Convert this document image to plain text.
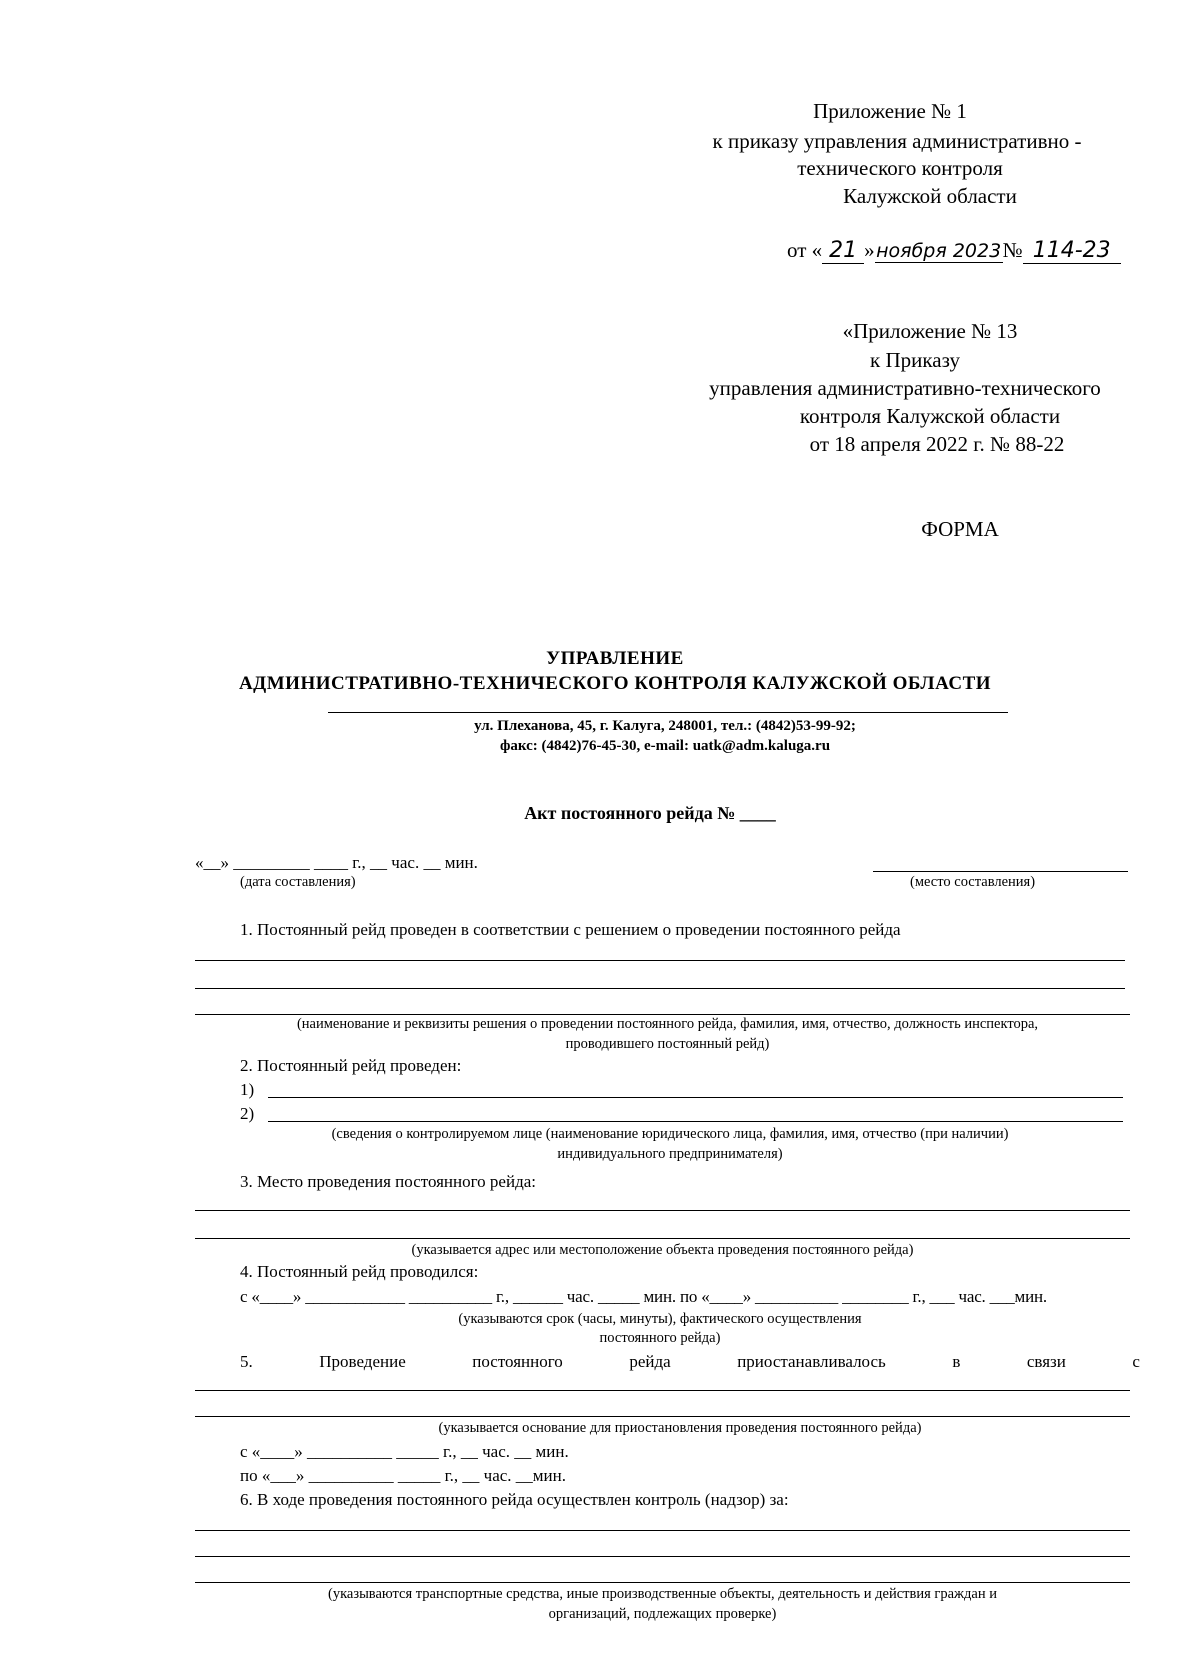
Приложение № 1
к приказу управления административно -
технического контроля
Калужской области
от « 21 »ноября 2023№ 114-23
«Приложение № 13
к Приказу
управления административно-технического
контроля Калужской области
от 18 апреля 2022 г. № 88-22
ФОРМА
УПРАВЛЕНИЕ
АДМИНИСТРАТИВНО-ТЕХНИЧЕСКОГО КОНТРОЛЯ КАЛУЖСКОЙ ОБЛАСТИ
ул. Плеханова, 45, г. Калуга, 248001, тел.: (4842)53-99-92;
факс: (4842)76-45-30, e-mail: uatk@adm.kaluga.ru
Акт постоянного рейда № ____
«__» _________ ____ г., __ час. __ мин.
(дата составления)	(место составления)
1. Постоянный рейд проведен в соответствии с решением о проведении постоянного рейда
(наименование и реквизиты решения о проведении постоянного рейда, фамилия, имя, отчество, должность инспектора,
проводившего постоянный рейд)
2. Постоянный рейд проведен:
1)
2)
(сведения о контролируемом лице (наименование юридического лица, фамилия, имя, отчество (при наличии)
индивидуального предпринимателя)
3. Место проведения постоянного рейда:
(указывается адрес или местоположение объекта проведения постоянного рейда)
4. Постоянный рейд проводился:
с «____» ____________ __________ г., ______ час. _____ мин. по «____» __________ ________ г., ___ час. ___мин.
(указываются срок (часы, минуты), фактического осуществления
постоянного рейда)
5.	Проведение	постоянного	рейда	приостанавливалось	в	связи	с
(указывается основание для приостановления проведения постоянного рейда)
с «____» __________ _____ г., __ час. __ мин.
по «___» __________ _____ г., __ час. __мин.
6. В ходе проведения постоянного рейда осуществлен контроль (надзор) за:
(указываются транспортные средства, иные производственные объекты, деятельность и действия граждан и
организаций, подлежащих проверке)
